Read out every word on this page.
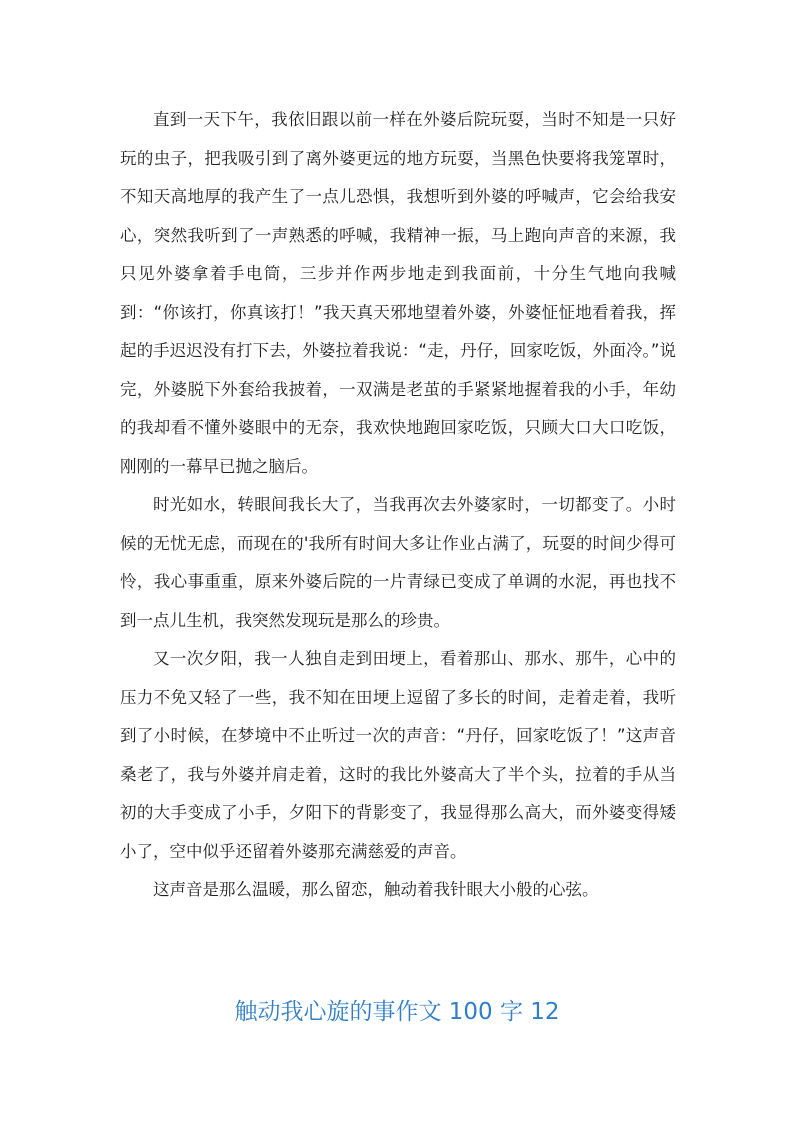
直到一天下午，我依旧跟以前一样在外婆后院玩耍，当时不知是一只好玩的虫子，把我吸引到了离外婆更远的地方玩耍，当黑色快要将我笼罩时，不知天高地厚的我产生了一点儿恐惧，我想听到外婆的呼喊声，它会给我安心，突然我听到了一声熟悉的呼喊，我精神一振，马上跑向声音的来源，我只见外婆拿着手电筒，三步并作两步地走到我面前，十分生气地向我喊到：“你该打，你真该打！”我天真天邪地望着外婆，外婆怔怔地看着我，挥起的手迟迟没有打下去，外婆拉着我说：“走，丹仔，回家吃饭，外面冷。”说完，外婆脱下外套给我披着，一双满是老茧的手紧紧地握着我的小手，年幼的我却看不懂外婆眼中的无奈，我欢快地跑回家吃饭，只顾大口大口吃饭，刚刚的一幕早已抛之脑后。

时光如水，转眼间我长大了，当我再次去外婆家时，一切都变了。小时候的无忧无虑，而现在的'我所有时间大多让作业占满了，玩耍的时间少得可怜，我心事重重，原来外婆后院的一片青绿已变成了单调的水泥，再也找不到一点儿生机，我突然发现玩是那么的珍贵。

又一次夕阳，我一人独自走到田埂上，看着那山、那水、那牛，心中的压力不免又轻了一些，我不知在田埂上逗留了多长的时间，走着走着，我听到了小时候，在梦境中不止听过一次的声音：“丹仔，回家吃饭了！”这声音桑老了，我与外婆并肩走着，这时的我比外婆高大了半个头，拉着的手从当初的大手变成了小手，夕阳下的背影变了，我显得那么高大，而外婆变得矮小了，空中似乎还留着外婆那充满慈爱的声音。

这声音是那么温暖，那么留恋，触动着我针眼大小般的心弦。

触动我心旋的事作文 100 字 12
